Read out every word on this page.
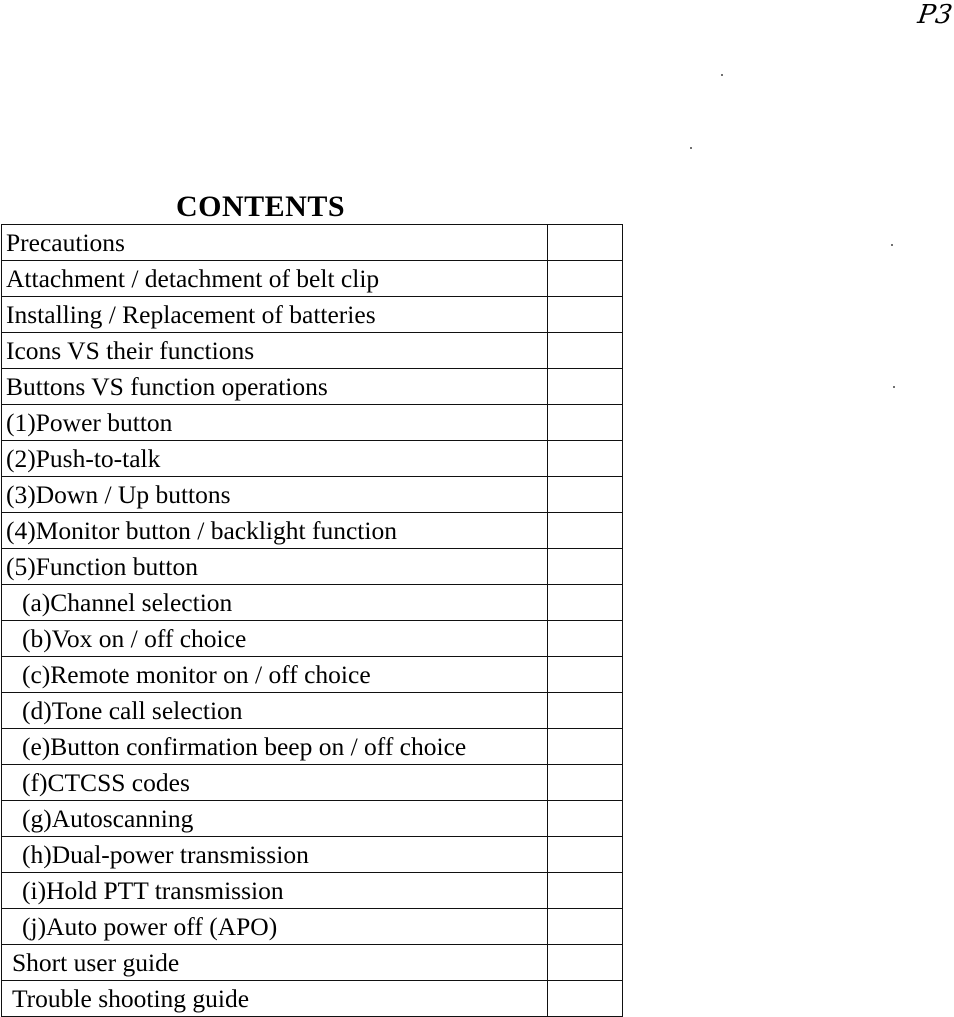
P3
CONTENTS
Precautions	
Attachment / detachment of belt clip	
Installing / Replacement of batteries	
Icons VS their functions	
Buttons VS function operations	
(1)Power button	
(2)Push-to-talk	
(3)Down / Up buttons	
(4)Monitor button / backlight function	
(5)Function button	
(a)Channel selection	
(b)Vox on / off choice	
(c)Remote monitor on / off choice	
(d)Tone call selection	
(e)Button confirmation beep on / off choice	
(f)CTCSS codes	
(g)Autoscanning	
(h)Dual-power transmission	
(i)Hold PTT transmission	
(j)Auto power off (APO)	
Short user guide	
Trouble shooting guide	
